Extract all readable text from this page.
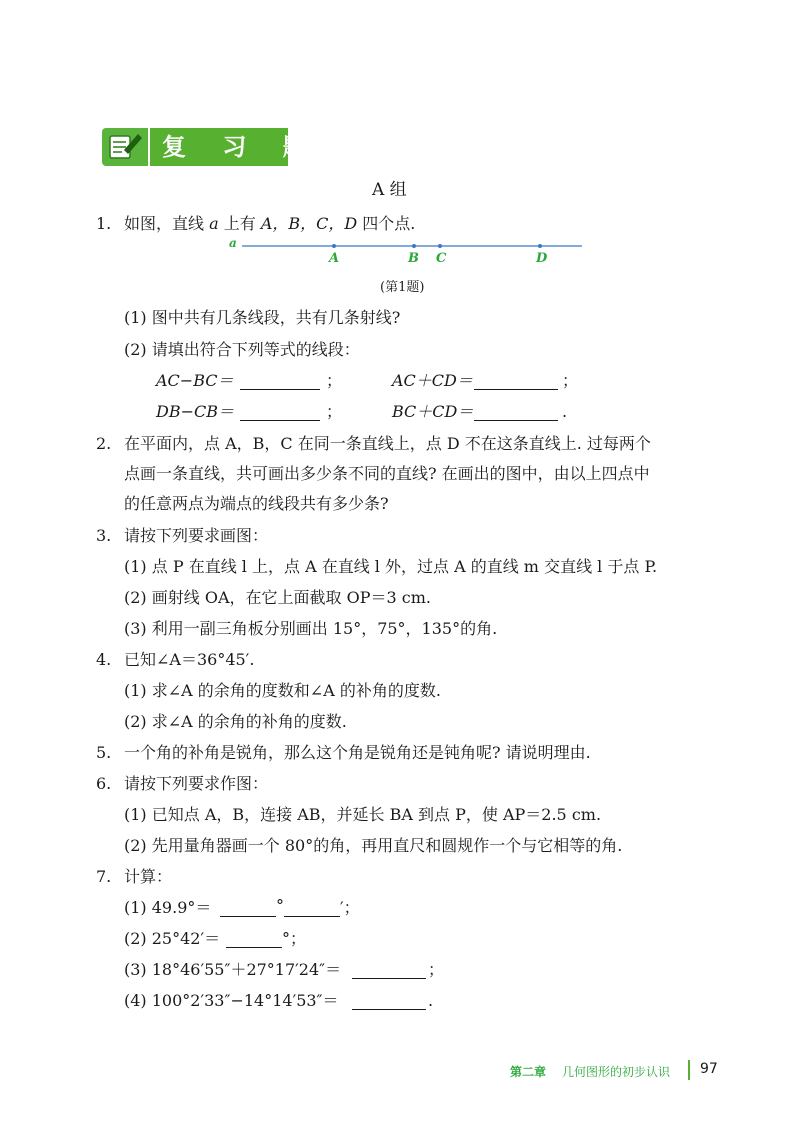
复 习 题
A 组
1. 如图，直线 a 上有 A，B，C，D 四个点.
a
A	B C	D
(第1题)
(1) 图中共有几条线段，共有几条射线?
(2) 请填出符合下列等式的线段：
AC−BC＝	；	AC＋CD＝	；
DB−CB＝	；	BC＋CD＝	.
2. 在平面内，点 A，B，C 在同一条直线上，点 D 不在这条直线上. 过每两个
点画一条直线，共可画出多少条不同的直线? 在画出的图中，由以上四点中
的任意两点为端点的线段共有多少条?
3. 请按下列要求画图：
(1) 点 P 在直线 l 上，点 A 在直线 l 外，过点 A 的直线 m 交直线 l 于点 P.
(2) 画射线 OA，在它上面截取 OP＝3 cm.
(3) 利用一副三角板分别画出 15°，75°，135°的角.
4. 已知∠A＝36°45′.
(1) 求∠A 的余角的度数和∠A 的补角的度数.
(2) 求∠A 的余角的补角的度数.
5. 一个角的补角是锐角，那么这个角是锐角还是钝角呢? 请说明理由.
6. 请按下列要求作图：
(1) 已知点 A，B，连接 AB，并延长 BA 到点 P，使 AP＝2.5 cm.
(2) 先用量角器画一个 80°的角，再用直尺和圆规作一个与它相等的角.
7. 计算：
(1) 49.9°＝	°	′；
(2) 25°42′＝	°；
(3) 18°46′55″＋27°17′24″＝	；
(4) 100°2′33″−14°14′53″＝	.
第二章 几何图形的初步认识 97
